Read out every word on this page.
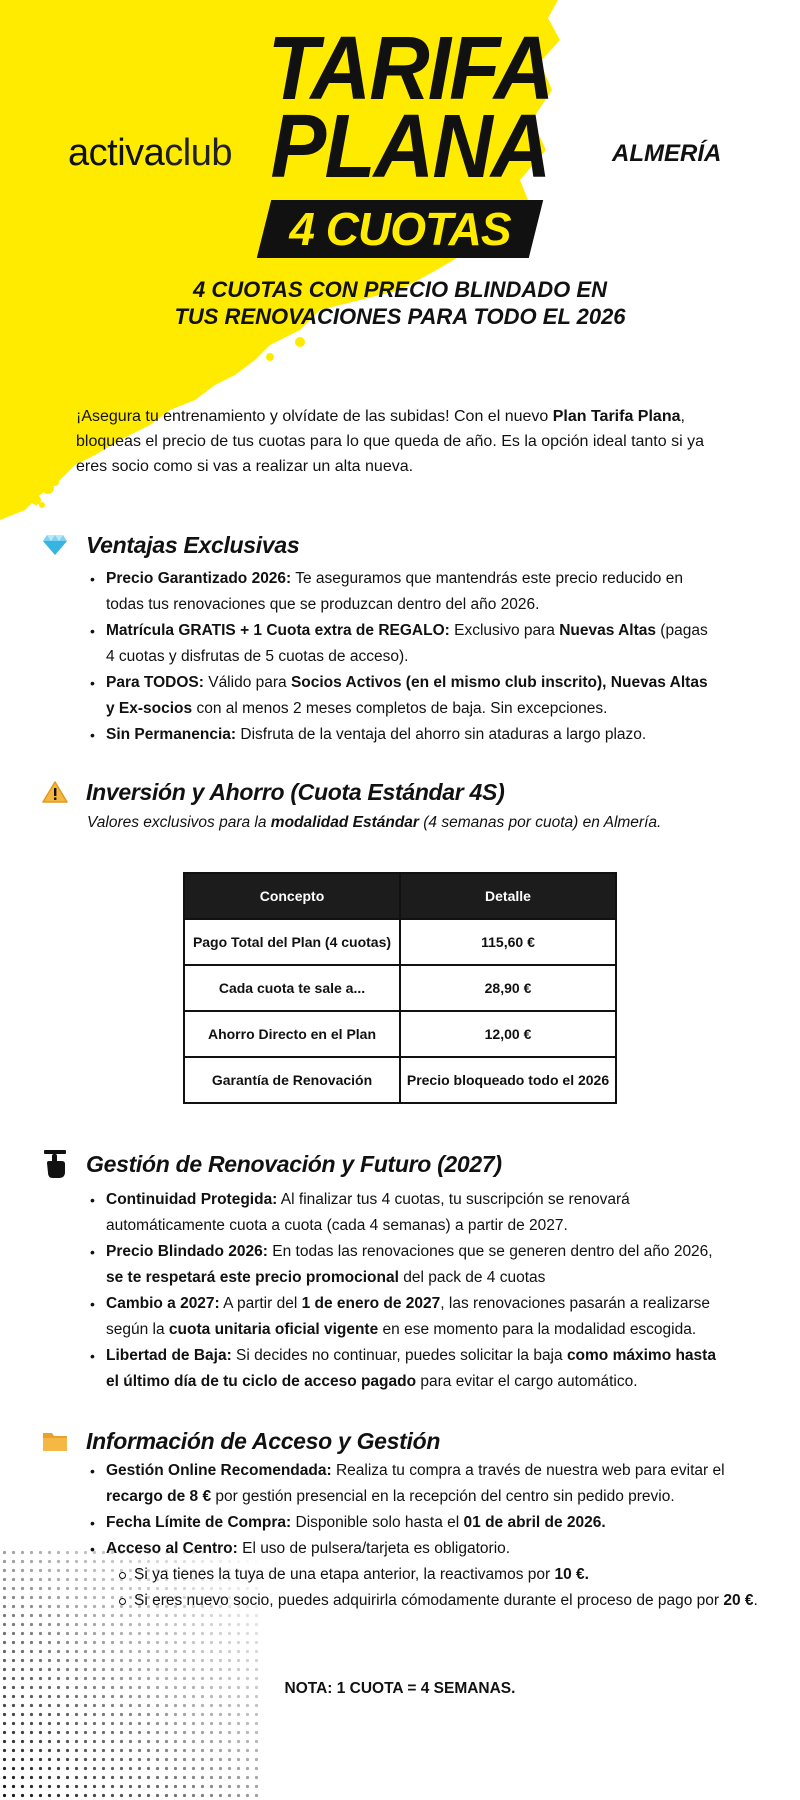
activaclub	ALMERÍA
TARIFA
PLANA
4 CUOTAS
4 CUOTAS CON PRECIO BLINDADO EN
TUS RENOVACIONES PARA TODO EL 2026
¡Asegura tu entrenamiento y olvídate de las subidas! Con el nuevo Plan Tarifa Plana, bloqueas el precio de tus cuotas para lo que queda de año. Es la opción ideal tanto si ya eres socio como si vas a realizar un alta nueva.
Ventajas Exclusivas
• Precio Garantizado 2026: Te aseguramos que mantendrás este precio reducido en todas tus renovaciones que se produzcan dentro del año 2026.
• Matrícula GRATIS + 1 Cuota extra de REGALO: Exclusivo para Nuevas Altas (pagas 4 cuotas y disfrutas de 5 cuotas de acceso).
• Para TODOS: Válido para Socios Activos (en el mismo club inscrito), Nuevas Altas y Ex-socios con al menos 2 meses completos de baja. Sin excepciones.
• Sin Permanencia: Disfruta de la ventaja del ahorro sin ataduras a largo plazo.
Inversión y Ahorro (Cuota Estándar 4S)
Valores exclusivos para la modalidad Estándar (4 semanas por cuota) en Almería.
Concepto	Detalle
Pago Total del Plan (4 cuotas)	115,60 €
Cada cuota te sale a...	28,90 €
Ahorro Directo en el Plan	12,00 €
Garantía de Renovación	Precio bloqueado todo el 2026
Gestión de Renovación y Futuro (2027)
• Continuidad Protegida: Al finalizar tus 4 cuotas, tu suscripción se renovará automáticamente cuota a cuota (cada 4 semanas) a partir de 2027.
• Precio Blindado 2026: En todas las renovaciones que se generen dentro del año 2026, se te respetará este precio promocional del pack de 4 cuotas
• Cambio a 2027: A partir del 1 de enero de 2027, las renovaciones pasarán a realizarse según la cuota unitaria oficial vigente en ese momento para la modalidad escogida.
• Libertad de Baja: Si decides no continuar, puedes solicitar la baja como máximo hasta el último día de tu ciclo de acceso pagado para evitar el cargo automático.
Información de Acceso y Gestión
• Gestión Online Recomendada: Realiza tu compra a través de nuestra web para evitar el recargo de 8 € por gestión presencial en la recepción del centro sin pedido previo.
• Fecha Límite de Compra: Disponible solo hasta el 01 de abril de 2026.
• Acceso al Centro: El uso de pulsera/tarjeta es obligatorio.
Si ya tienes la tuya de una etapa anterior, la reactivamos por 10 €.
Si eres nuevo socio, puedes adquirirla cómodamente durante el proceso de pago por 20 €.
NOTA: 1 CUOTA = 4 SEMANAS.
